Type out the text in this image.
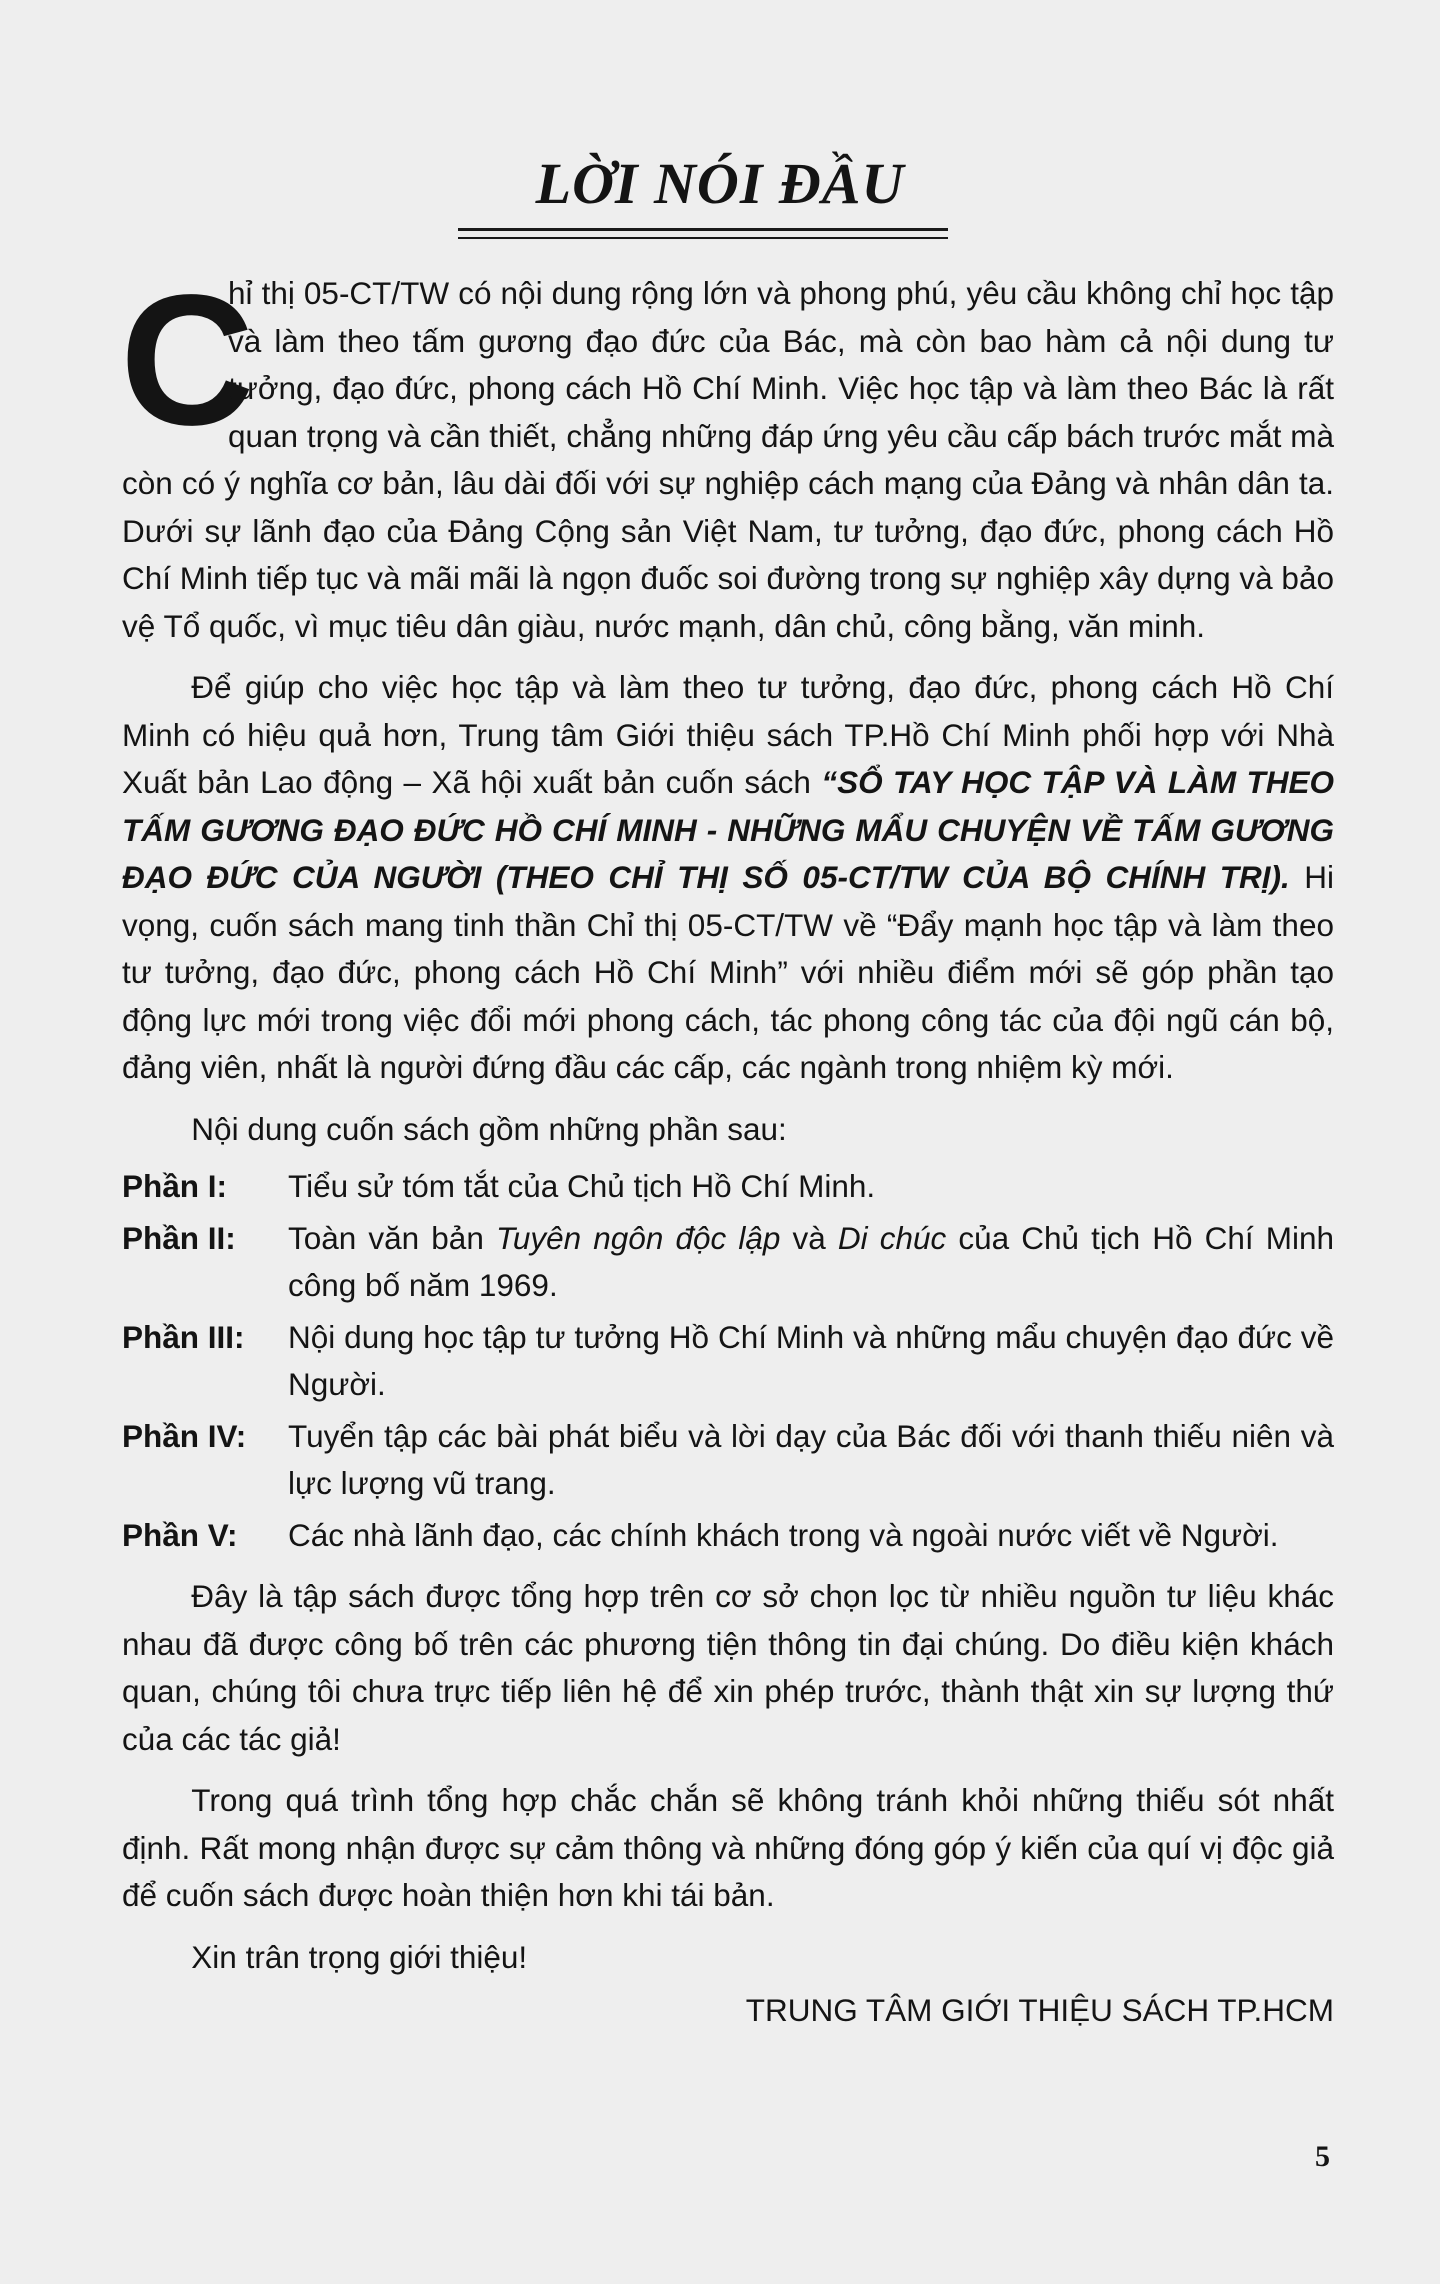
LỜI NÓI ĐẦU

C
hỉ thị 05-CT/TW có nội dung rộng lớn và phong phú, yêu cầu không chỉ học tập và làm theo tấm gương đạo đức của Bác, mà còn bao hàm cả nội dung tư tưởng, đạo đức, phong cách Hồ Chí Minh. Việc học tập và làm theo Bác là rất quan trọng và cần thiết, chẳng những đáp ứng yêu cầu cấp bách trước mắt mà còn có ý nghĩa cơ bản, lâu dài đối với sự nghiệp cách mạng của Đảng và nhân dân ta. Dưới sự lãnh đạo của Đảng Cộng sản Việt Nam, tư tưởng, đạo đức, phong cách Hồ Chí Minh tiếp tục và mãi mãi là ngọn đuốc soi đường trong sự nghiệp xây dựng và bảo vệ Tổ quốc, vì mục tiêu dân giàu, nước mạnh, dân chủ, công bằng, văn minh.

Để giúp cho việc học tập và làm theo tư tưởng, đạo đức, phong cách Hồ Chí Minh có hiệu quả hơn, Trung tâm Giới thiệu sách TP.Hồ Chí Minh phối hợp với Nhà Xuất bản Lao động – Xã hội xuất bản cuốn sách “SỔ TAY HỌC TẬP VÀ LÀM THEO TẤM GƯƠNG ĐẠO ĐỨC HỒ CHÍ MINH - NHỮNG MẨU CHUYỆN VỀ TẤM GƯƠNG ĐẠO ĐỨC CỦA NGƯỜI (THEO CHỈ THỊ SỐ 05-CT/TW CỦA BỘ CHÍNH TRỊ). Hi vọng, cuốn sách mang tinh thần Chỉ thị 05-CT/TW về “Đẩy mạnh học tập và làm theo tư tưởng, đạo đức, phong cách Hồ Chí Minh” với nhiều điểm mới sẽ góp phần tạo động lực mới trong việc đổi mới phong cách, tác phong công tác của đội ngũ cán bộ, đảng viên, nhất là người đứng đầu các cấp, các ngành trong nhiệm kỳ mới.

Nội dung cuốn sách gồm những phần sau:

Phần I:	Tiểu sử tóm tắt của Chủ tịch Hồ Chí Minh.
Phần II:	Toàn văn bản Tuyên ngôn độc lập và Di chúc của Chủ tịch Hồ Chí Minh công bố năm 1969.
Phần III:	Nội dung học tập tư tưởng Hồ Chí Minh và những mẩu chuyện đạo đức về Người.
Phần IV:	Tuyển tập các bài phát biểu và lời dạy của Bác đối với thanh thiếu niên và lực lượng vũ trang.
Phần V:	Các nhà lãnh đạo, các chính khách trong và ngoài nước viết về Người.

Đây là tập sách được tổng hợp trên cơ sở chọn lọc từ nhiều nguồn tư liệu khác nhau đã được công bố trên các phương tiện thông tin đại chúng. Do điều kiện khách quan, chúng tôi chưa trực tiếp liên hệ để xin phép trước, thành thật xin sự lượng thứ của các tác giả!

Trong quá trình tổng hợp chắc chắn sẽ không tránh khỏi những thiếu sót nhất định. Rất mong nhận được sự cảm thông và những đóng góp ý kiến của quí vị độc giả để cuốn sách được hoàn thiện hơn khi tái bản.

Xin trân trọng giới thiệu!

TRUNG TÂM GIỚI THIỆU SÁCH TP.HCM

5
